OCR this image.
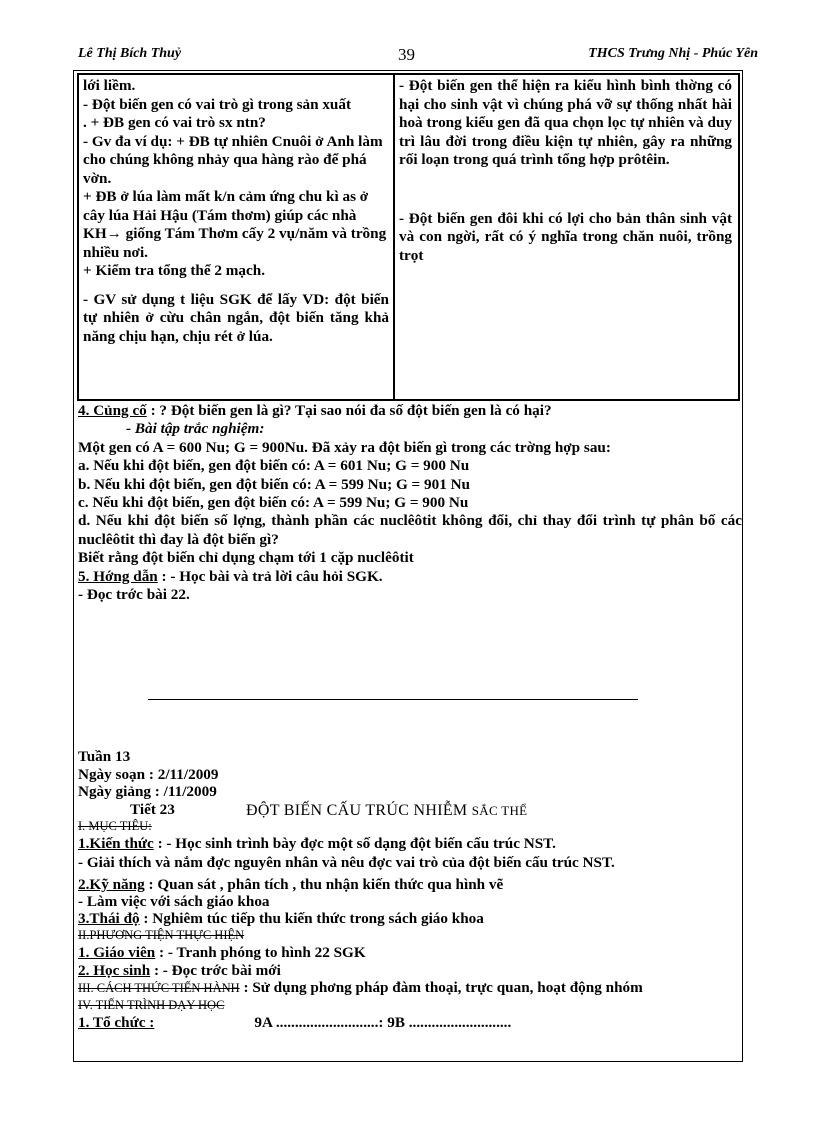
Lê Thị Bích Thuỷ	39	THCS Trưng Nhị - Phúc Yên

lới liềm.

- Đột biến gen có vai trò gì trong sản xuất

. + ĐB gen có vai trò sx ntn?

- Gv đa ví dụ: + ĐB tự nhiên Cnuôi ở Anh làm cho chúng không nhảy qua hàng rào để phá vờn.

+ ĐB ở lúa làm mất k/n cảm ứng chu kì as ở cây lúa Hải Hậu (Tám thơm) giúp các nhà KH→ giống Tám Thơm cấy 2 vụ/năm và trồng nhiều nơi.

+ Kiểm tra tổng thể 2 mạch.

- GV sử dụng t liệu SGK để lấy VD: đột biến tự nhiên ở cừu chân ngắn, đột biến tăng khả năng chịu hạn, chịu rét ở lúa.

- Đột biến gen thể hiện ra kiểu hình bình thờng có hại cho sinh vật vì chúng phá vỡ sự thống nhất hài hoà trong kiểu gen đã qua chọn lọc tự nhiên và duy trì lâu đời trong điều kiện tự nhiên, gây ra những rối loạn trong quá trình tổng hợp prôtêin.

- Đột biến gen đôi khi có lợi cho bản thân sinh vật và con ngời, rất có ý nghĩa trong chăn nuôi, trồng trọt

4. Củng cố : ? Đột biến gen là gì? Tại sao nói đa số đột biến gen là có hại?

- Bài tập trắc nghiệm:

Một gen có A = 600 Nu; G = 900Nu. Đã xảy ra đột biến gì trong các trờng hợp sau:

a. Nếu khi đột biến, gen đột biến có: A = 601 Nu; G = 900 Nu

b. Nếu khi đột biến, gen đột biến có: A = 599 Nu; G = 901 Nu

c. Nếu khi đột biến, gen đột biến có: A = 599 Nu; G = 900 Nu

d. Nếu khi đột biến số lợng, thành phần các nuclêôtit không đổi, chỉ thay đổi trình tự phân bố các nuclêôtit thì đay là đột biến gì?

Biết rằng đột biến chỉ dụng chạm tới 1 cặp nuclêôtit

5. Hớng dẫn : - Học bài và trả lời câu hỏi SGK.

- Đọc trớc bài 22.

Tuần 13

Ngày soạn : 2/11/2009

Ngày giảng : /11/2009

Tiết 23	ĐỘT BIẾN CẤU TRÚC NHIỄM SẮC THỂ

I. MỤC TIÊU:

1.Kiến thức : - Học sinh trình bày đợc một số dạng đột biến cấu trúc NST.

- Giải thích và nắm đợc nguyên nhân và nêu đợc vai trò của đột biến cấu trúc NST.

2.Kỹ năng : Quan sát , phân tích , thu nhận kiến thức qua hình vẽ

- Làm việc với sách giáo khoa

3.Thái độ : Nghiêm túc tiếp thu kiến thức trong sách giáo khoa

II.PHƯƠNG TIỆN THỰC HIỆN

1. Giáo viên : - Tranh phóng to hình 22 SGK

2. Học sinh : - Đọc trớc bài mới

III. CÁCH THỨC TIẾN HÀNH : Sử dụng phơng pháp đàm thoại, trực quan, hoạt động nhóm

IV. TIẾN TRÌNH DẠY HỌC

1. Tổ chức :	9A ...........................: 9B ...........................
